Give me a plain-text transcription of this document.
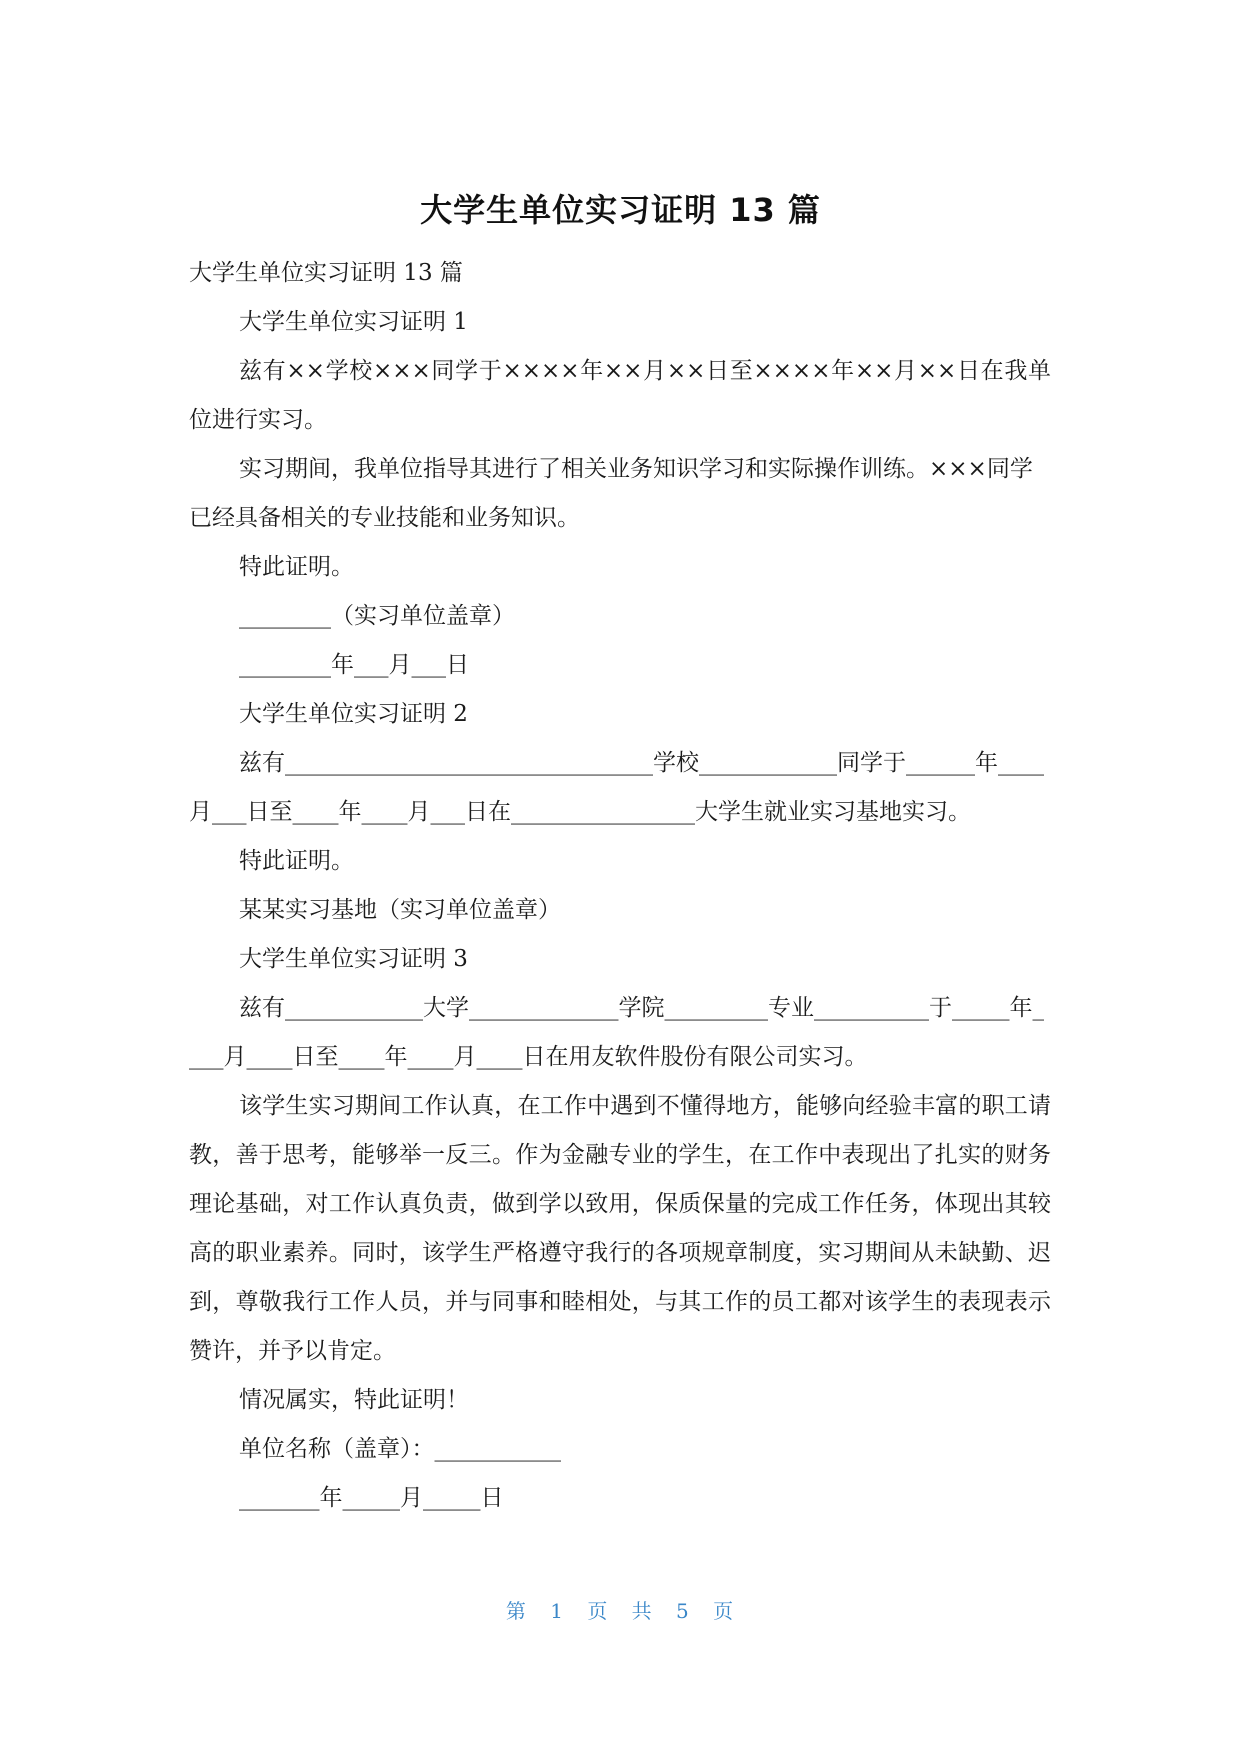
大学生单位实习证明 13 篇

大学生单位实习证明 13 篇

大学生单位实习证明 1

兹有××学校×××同学于××××年××月××日至××××年××月××日在我单位进行实习。

实习期间，我单位指导其进行了相关业务知识学习和实际操作训练。×××同学已经具备相关的专业技能和业务知识。

特此证明。

________（实习单位盖章）

________年___月___日

大学生单位实习证明 2

兹有________________________________学校____________同学于______年____月___日至____年____月___日在________________大学生就业实习基地实习。

特此证明。

某某实习基地（实习单位盖章）

大学生单位实习证明 3

兹有____________大学_____________学院_________专业__________于_____年____月____日至____年____月____日在用友软件股份有限公司实习。

该学生实习期间工作认真，在工作中遇到不懂得地方，能够向经验丰富的职工请教，善于思考，能够举一反三。作为金融专业的学生，在工作中表现出了扎实的财务理论基础，对工作认真负责，做到学以致用，保质保量的完成工作任务，体现出其较高的职业素养。同时，该学生严格遵守我行的各项规章制度，实习期间从未缺勤、迟到，尊敬我行工作人员，并与同事和睦相处，与其工作的员工都对该学生的表现表示赞许，并予以肯定。

情况属实，特此证明！

单位名称（盖章）：___________

_______年_____月_____日

第 1 页 共 5 页
